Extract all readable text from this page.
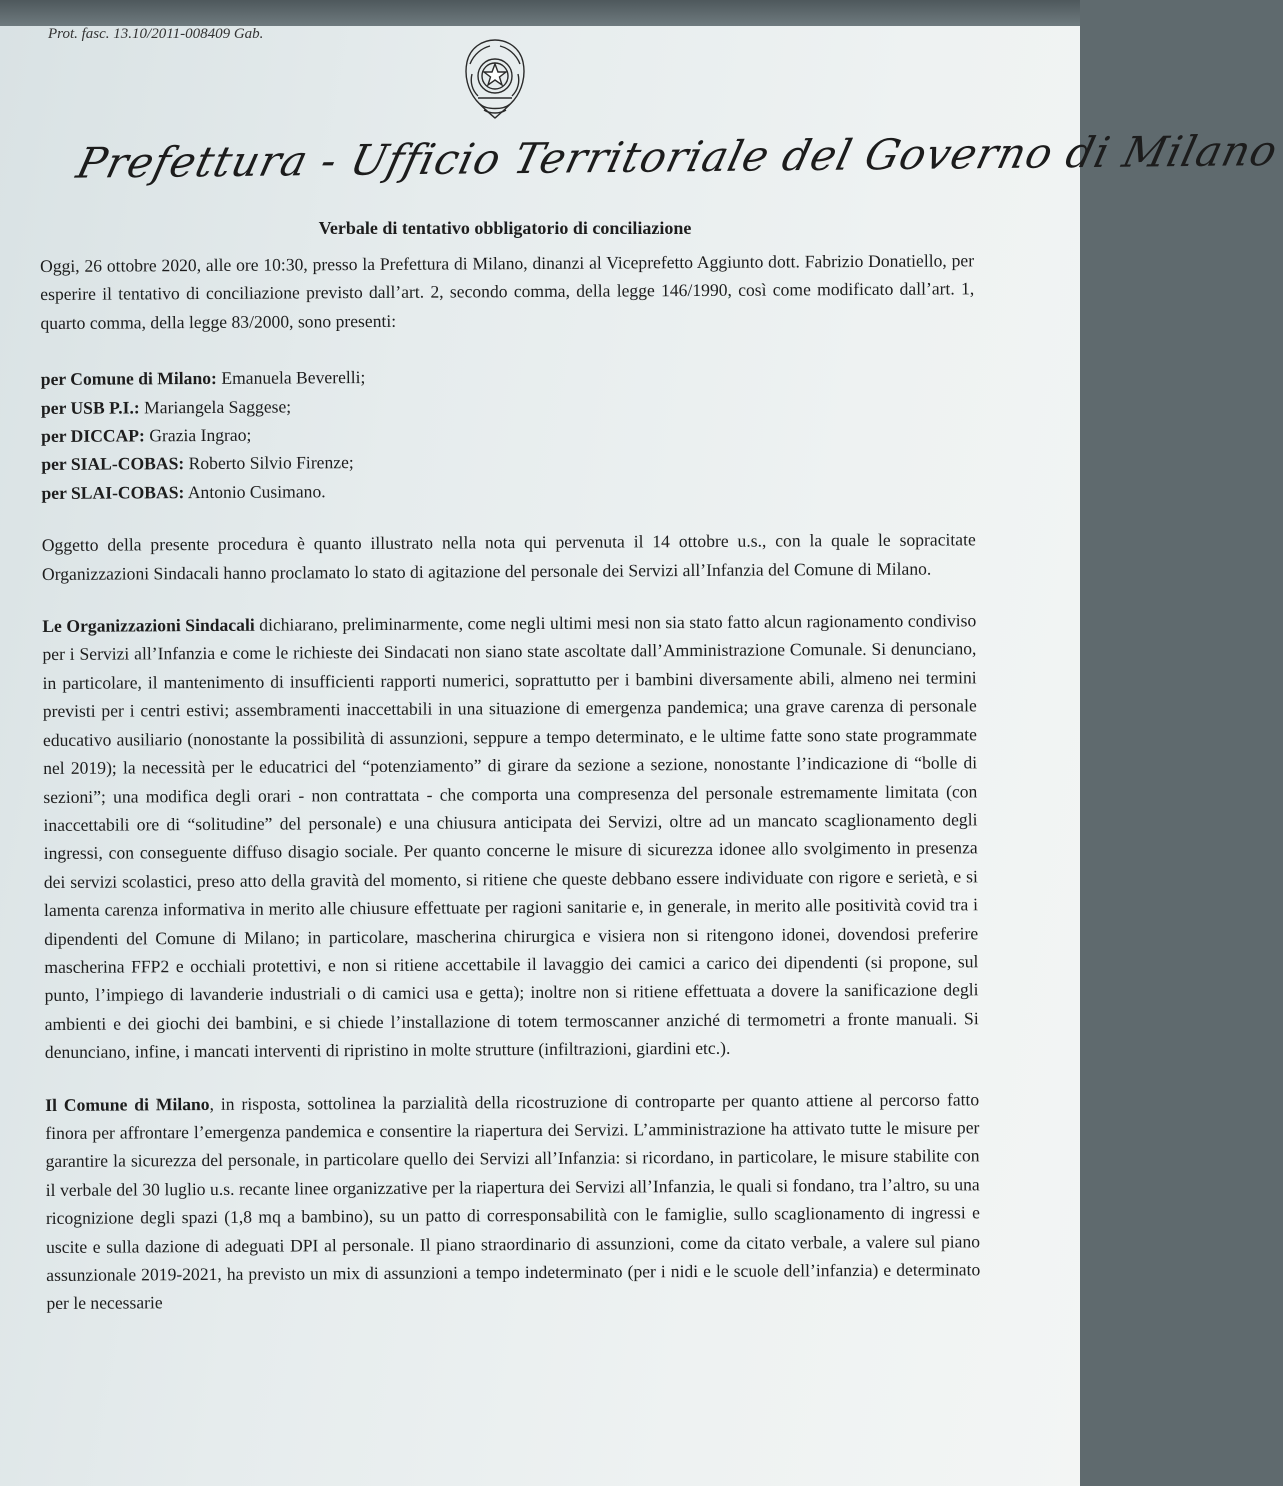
Prot. fasc. 13.10/2011-008409 Gab.
Prefettura - Ufficio Territoriale del Governo di Milano
Verbale di tentativo obbligatorio di conciliazione

Oggi, 26 ottobre 2020, alle ore 10:30, presso la Prefettura di Milano, dinanzi al Viceprefetto Aggiunto dott. Fabrizio Donatiello, per esperire il tentativo di conciliazione previsto dall’art. 2, secondo comma, della legge 146/1990, così come modificato dall’art. 1, quarto comma, della legge 83/2000, sono presenti:

per Comune di Milano: Emanuela Beverelli;

per USB P.I.: Mariangela Saggese;

per DICCAP: Grazia Ingrao;

per SIAL-COBAS: Roberto Silvio Firenze;

per SLAI-COBAS: Antonio Cusimano.

Oggetto della presente procedura è quanto illustrato nella nota qui pervenuta il 14 ottobre u.s., con la quale le sopracitate Organizzazioni Sindacali hanno proclamato lo stato di agitazione del personale dei Servizi all’Infanzia del Comune di Milano.

Le Organizzazioni Sindacali dichiarano, preliminarmente, come negli ultimi mesi non sia stato fatto alcun ragionamento condiviso per i Servizi all’Infanzia e come le richieste dei Sindacati non siano state ascoltate dall’Amministrazione Comunale. Si denunciano, in particolare, il mantenimento di insufficienti rapporti numerici, soprattutto per i bambini diversamente abili, almeno nei termini previsti per i centri estivi; assembramenti inaccettabili in una situazione di emergenza pandemica; una grave carenza di personale educativo ausiliario (nonostante la possibilità di assunzioni, seppure a tempo determinato, e le ultime fatte sono state programmate nel 2019); la necessità per le educatrici del “potenziamento” di girare da sezione a sezione, nonostante l’indicazione di “bolle di sezioni”; una modifica degli orari - non contrattata - che comporta una compresenza del personale estremamente limitata (con inaccettabili ore di “solitudine” del personale) e una chiusura anticipata dei Servizi, oltre ad un mancato scaglionamento degli ingressi, con conseguente diffuso disagio sociale. Per quanto concerne le misure di sicurezza idonee allo svolgimento in presenza dei servizi scolastici, preso atto della gravità del momento, si ritiene che queste debbano essere individuate con rigore e serietà, e si lamenta carenza informativa in merito alle chiusure effettuate per ragioni sanitarie e, in generale, in merito alle positività covid tra i dipendenti del Comune di Milano; in particolare, mascherina chirurgica e visiera non si ritengono idonei, dovendosi preferire mascherina FFP2 e occhiali protettivi, e non si ritiene accettabile il lavaggio dei camici a carico dei dipendenti (si propone, sul punto, l’impiego di lavanderie industriali o di camici usa e getta); inoltre non si ritiene effettuata a dovere la sanificazione degli ambienti e dei giochi dei bambini, e si chiede l’installazione di totem termoscanner anziché di termometri a fronte manuali. Si denunciano, infine, i mancati interventi di ripristino in molte strutture (infiltrazioni, giardini etc.).

Il Comune di Milano, in risposta, sottolinea la parzialità della ricostruzione di controparte per quanto attiene al percorso fatto finora per affrontare l’emergenza pandemica e consentire la riapertura dei Servizi. L’amministrazione ha attivato tutte le misure per garantire la sicurezza del personale, in particolare quello dei Servizi all’Infanzia: si ricordano, in particolare, le misure stabilite con il verbale del 30 luglio u.s. recante linee organizzative per la riapertura dei Servizi all’Infanzia, le quali si fondano, tra l’altro, su una ricognizione degli spazi (1,8 mq a bambino), su un patto di corresponsabilità con le famiglie, sullo scaglionamento di ingressi e uscite e sulla dazione di adeguati DPI al personale. Il piano straordinario di assunzioni, come da citato verbale, a valere sul piano assunzionale 2019-2021, ha previsto un mix di assunzioni a tempo indeterminato (per i nidi e le scuole dell’infanzia) e determinato per le necessarie
